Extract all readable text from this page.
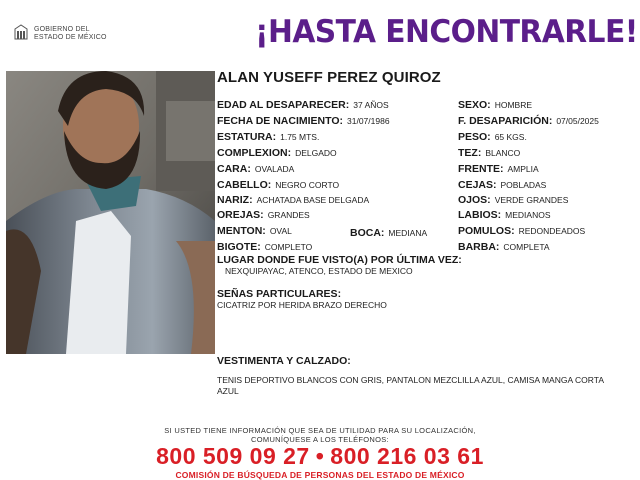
GOBIERNO DEL
ESTADO DE MÉXICO	¡HASTA ENCONTRARLE!
ALAN YUSEFF PEREZ QUIROZ
EDAD AL DESAPARECER: 37 AÑOS
FECHA DE NACIMIENTO: 31/07/1986
ESTATURA: 1.75 MTS.
COMPLEXION: DELGADO
CARA: OVALADA
CABELLO: NEGRO CORTO
NARIZ: ACHATADA BASE DELGADA
OREJAS: GRANDES
MENTON: OVAL	BOCA: MEDIANA
BIGOTE: COMPLETO
SEXO: HOMBRE
F. DESAPARICIÓN: 07/05/2025
PESO: 65 KGS.
TEZ: BLANCO
FRENTE: AMPLIA
CEJAS: POBLADAS
OJOS: VERDE GRANDES
LABIOS: MEDIANOS
POMULOS: REDONDEADOS
BARBA: COMPLETA
LUGAR DONDE FUE VISTO(A) POR ÚLTIMA VEZ:
NEXQUIPAYAC, ATENCO, ESTADO DE MEXICO
SEÑAS PARTICULARES:
CICATRIZ POR HERIDA BRAZO DERECHO
VESTIMENTA Y CALZADO:
TENIS DEPORTIVO BLANCOS CON GRIS, PANTALON MEZCLILLA AZUL, CAMISA MANGA CORTA AZUL
SI USTED TIENE INFORMACIÓN QUE SEA DE UTILIDAD PARA SU LOCALIZACIÓN,
COMUNÍQUESE A LOS TELÉFONOS:
800 509 09 27 • 800 216 03 61
COMISIÓN DE BÚSQUEDA DE PERSONAS DEL ESTADO DE MÉXICO
